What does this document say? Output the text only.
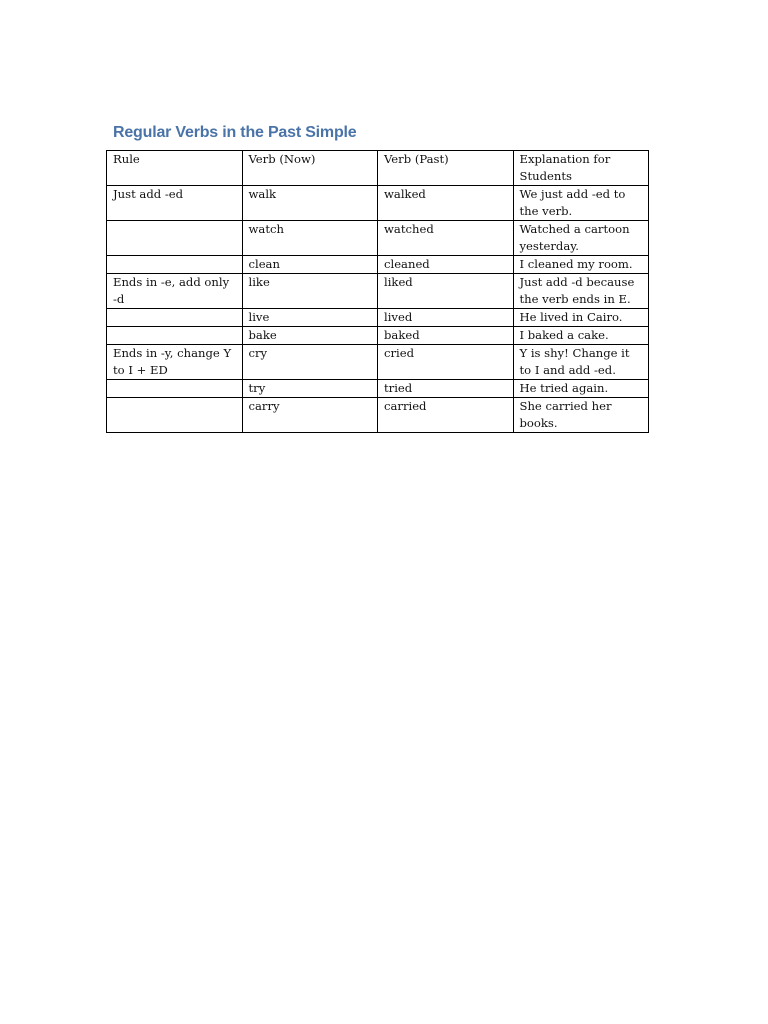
Regular Verbs in the Past Simple
Rule	Verb (Now)	Verb (Past)	Explanation for Students
Just add -ed	walk	walked	We just add -ed to the verb.
	watch	watched	Watched a cartoon yesterday.
	clean	cleaned	I cleaned my room.
Ends in -e, add only -d	like	liked	Just add -d because the verb ends in E.
	live	lived	He lived in Cairo.
	bake	baked	I baked a cake.
Ends in -y, change Y to I + ED	cry	cried	Y is shy! Change it to I and add -ed.
	try	tried	He tried again.
	carry	carried	She carried her books.
